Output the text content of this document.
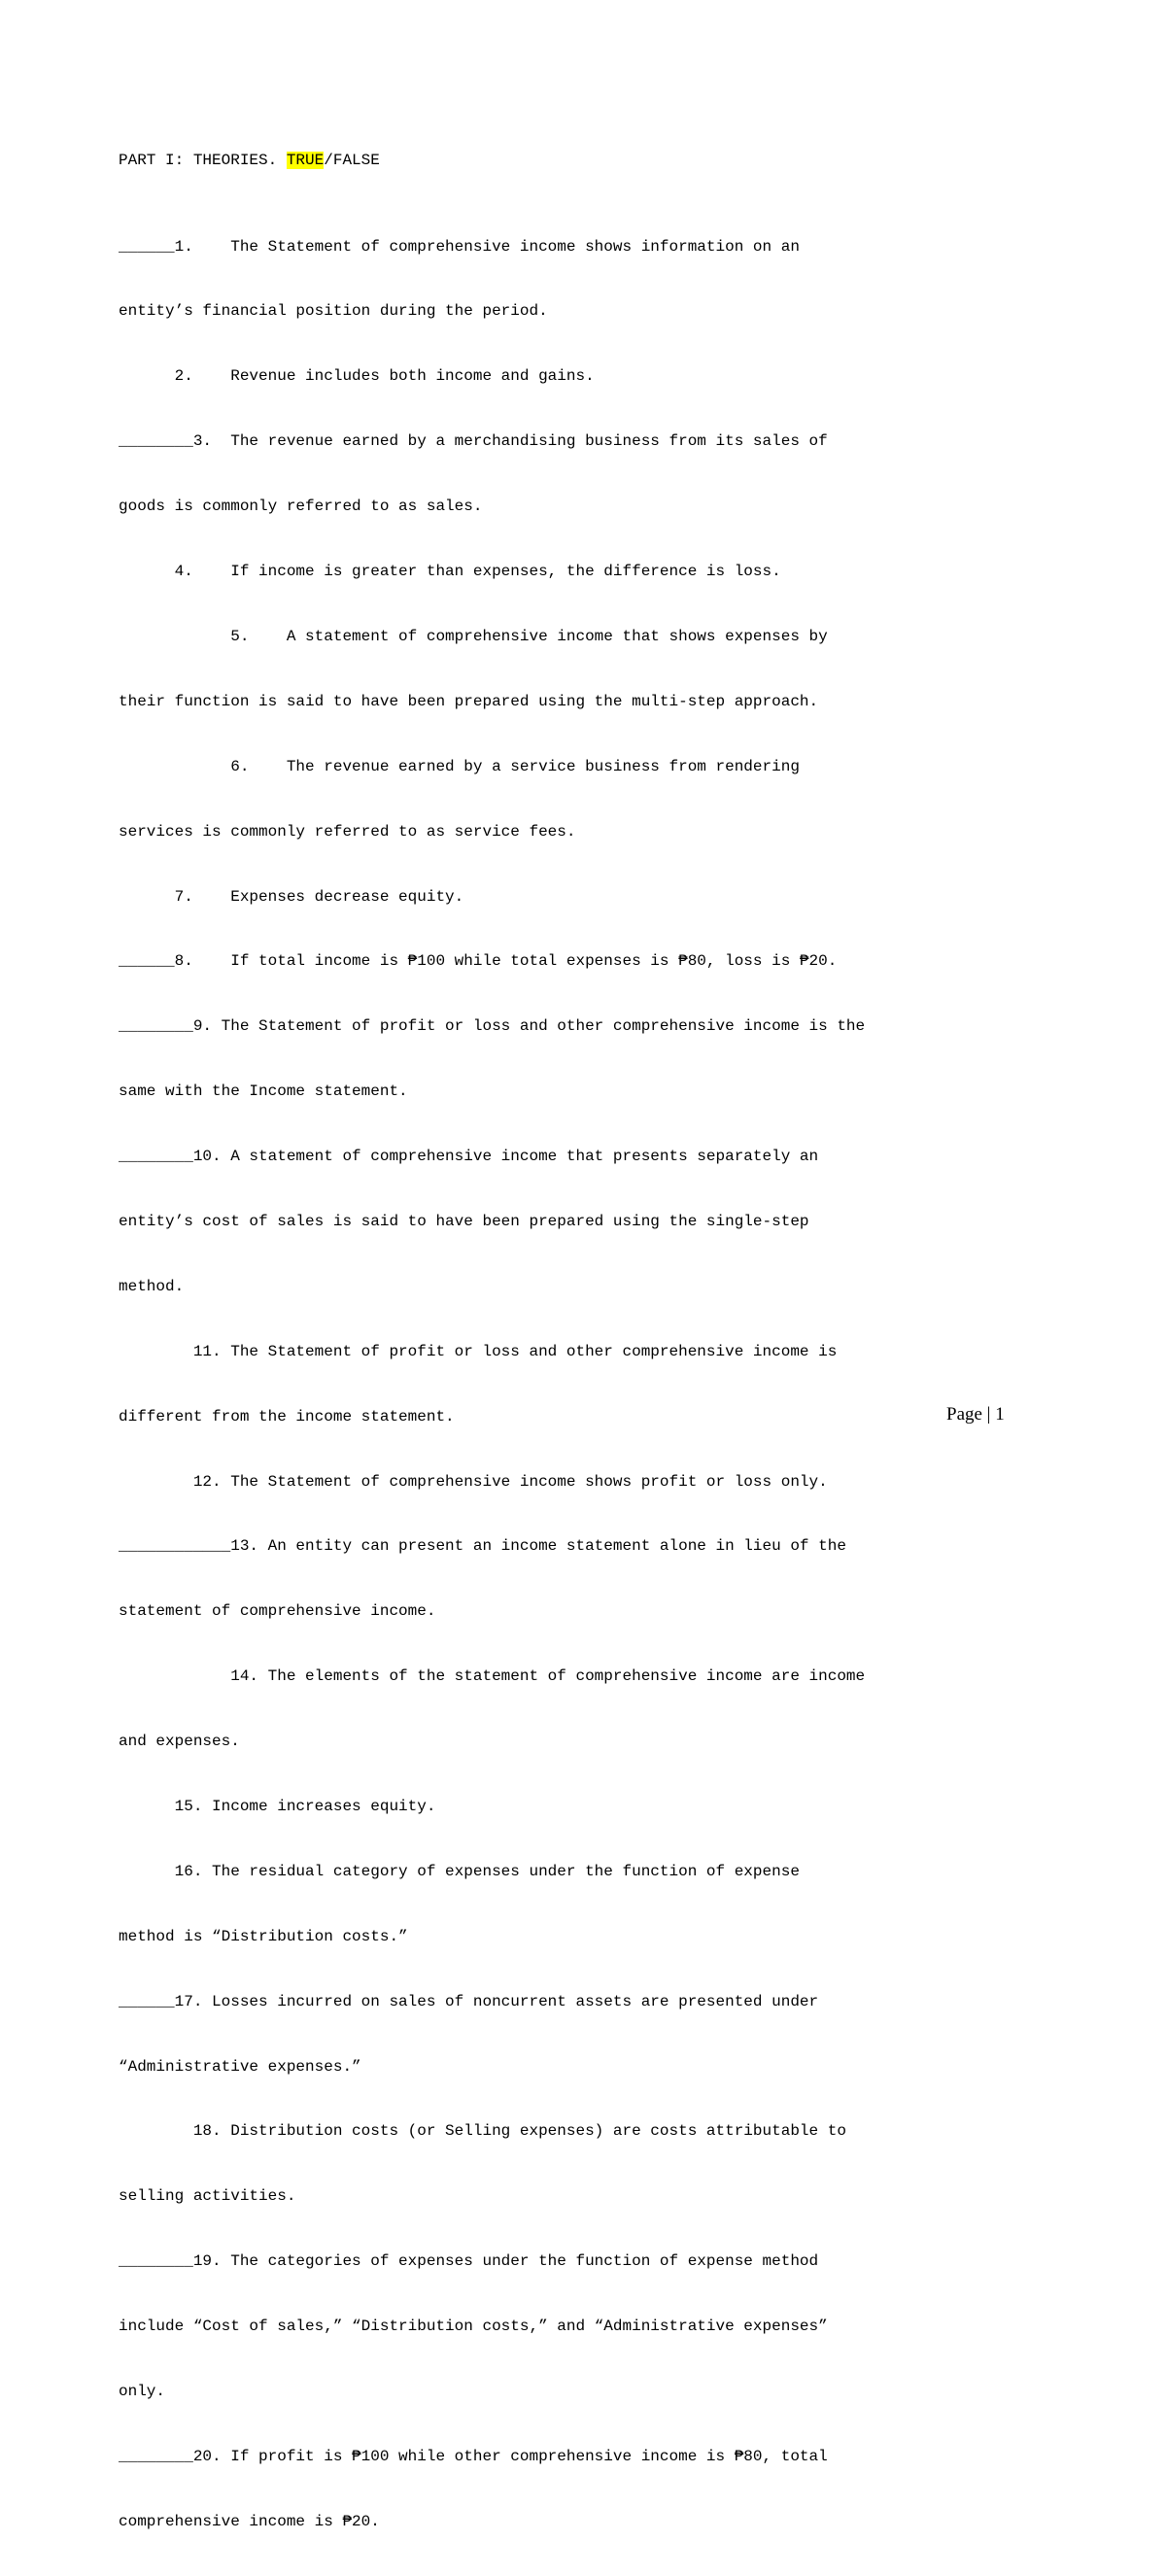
PART I: THEORIES. TRUE/FALSE

______1.    The Statement of comprehensive income shows information on an

entity’s financial position during the period.

2.    Revenue includes both income and gains.

________3.  The revenue earned by a merchandising business from its sales of

goods is commonly referred to as sales.

4.    If income is greater than expenses, the difference is loss.

5.    A statement of comprehensive income that shows expenses by

their function is said to have been prepared using the multi-step approach.

6.    The revenue earned by a service business from rendering

services is commonly referred to as service fees.

7.    Expenses decrease equity.

______8.    If total income is ₱100 while total expenses is ₱80, loss is ₱20.

________9. The Statement of profit or loss and other comprehensive income is the

same with the Income statement.

________10. A statement of comprehensive income that presents separately an

entity’s cost of sales is said to have been prepared using the single-step

method.

11. The Statement of profit or loss and other comprehensive income is

different from the income statement.

12. The Statement of comprehensive income shows profit or loss only.

____________13. An entity can present an income statement alone in lieu of the

statement of comprehensive income.

14. The elements of the statement of comprehensive income are income

and expenses.

15. Income increases equity.

16. The residual category of expenses under the function of expense

method is “Distribution costs.”

______17. Losses incurred on sales of noncurrent assets are presented under

“Administrative expenses.”

18. Distribution costs (or Selling expenses) are costs attributable to

selling activities.

________19. The categories of expenses under the function of expense method

include “Cost of sales,” “Distribution costs,” and “Administrative expenses”

only.

________20. If profit is ₱100 while other comprehensive income is ₱80, total

comprehensive income is ₱20.

Page | 1
